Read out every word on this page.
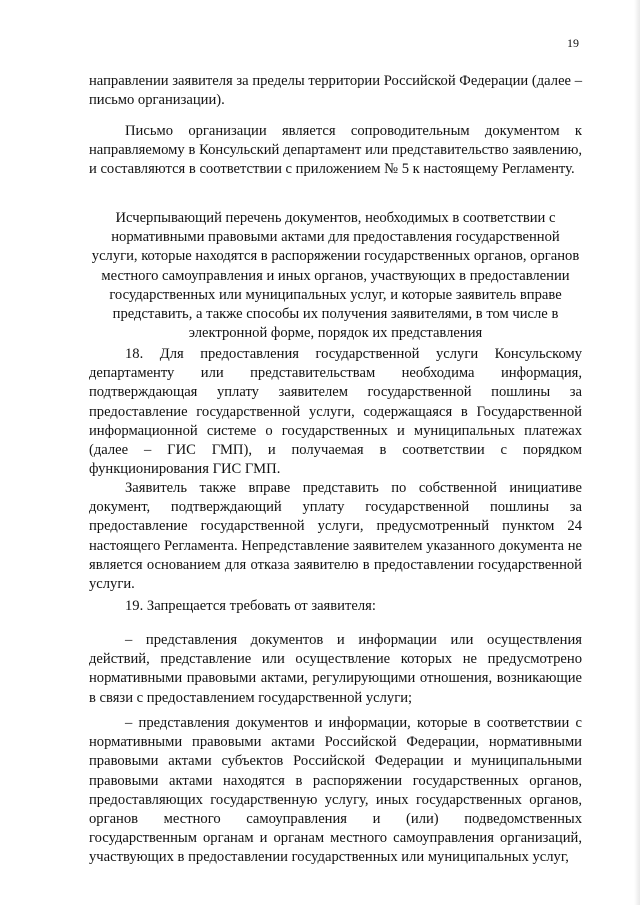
19

направлении заявителя за пределы территории Российской Федерации (далее – письмо организации).

Письмо организации является сопроводительным документом к направляемому в Консульский департамент или представительство заявлению, и составляются в соответствии с приложением № 5 к настоящему Регламенту.

Исчерпывающий перечень документов, необходимых в соответствии с нормативными правовыми актами для предоставления государственной услуги, которые находятся в распоряжении государственных органов, органов местного самоуправления и иных органов, участвующих в предоставлении государственных или муниципальных услуг, и которые заявитель вправе представить, а также способы их получения заявителями, в том числе в электронной форме, порядок их представления

18. Для предоставления государственной услуги Консульскому департаменту или представительствам необходима информация, подтверждающая уплату заявителем государственной пошлины за предоставление государственной услуги, содержащаяся в Государственной информационной системе о государственных и муниципальных платежах (далее – ГИС ГМП), и получаемая в соответствии с порядком функционирования ГИС ГМП.

Заявитель также вправе представить по собственной инициативе документ, подтверждающий уплату государственной пошлины за предоставление государственной услуги, предусмотренный пунктом 24 настоящего Регламента. Непредставление заявителем указанного документа не является основанием для отказа заявителю в предоставлении государственной услуги.

19. Запрещается требовать от заявителя:

– представления документов и информации или осуществления действий, представление или осуществление которых не предусмотрено нормативными правовыми актами, регулирующими отношения, возникающие в связи с предоставлением государственной услуги;

– представления документов и информации, которые в соответствии с нормативными правовыми актами Российской Федерации, нормативными правовыми актами субъектов Российской Федерации и муниципальными правовыми актами находятся в распоряжении государственных органов, предоставляющих государственную услугу, иных государственных органов, органов местного самоуправления и (или) подведомственных государственным органам и органам местного самоуправления организаций, участвующих в предоставлении государственных или муниципальных услуг,
